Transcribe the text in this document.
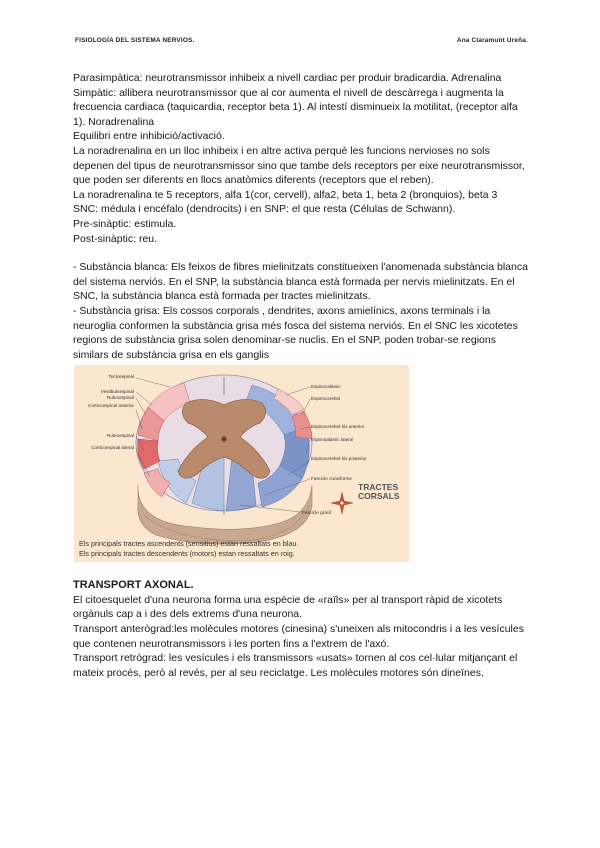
FISIOLOGÍA DEL SISTEMA NERVIOS.	Ana Claramunt Ureña.

Parasimpàtica: neurotransmissor inhibeix a nivell cardiac per produir bradicardia. Adrenalina

Simpàtic: allibera neurotransmissor que al cor aumenta el nivell de descàrrega i augmenta la frecuencia cardiaca (taquicardia, receptor beta 1). Al intestí disminueix la motilitat, (receptor alfa 1). Noradrenalina

Equilibri entre inhibició/activació.

La noradrenalina en un lloc inhibeix i en altre activa perquè les funcions nervioses no sols depenen del tipus de neurotransmissor sino que tambe dels receptors per eixe neurotransmissor, que poden ser diferents en llocs anatòmics diferents (receptors que el reben).

La noradrenalina te 5 receptors, alfa 1(cor, cervell), alfa2, beta 1, beta 2 (bronquios), beta 3

SNC: médula i encéfalo (dendrocits) i en SNP: el que resta (Células de Schwann).

Pre-sinàptic: estimula.

Post-sinàptic: reu.

- Substància blanca: Els feixos de fibres mielinitzats constitueixen l'anomenada substància blanca del sistema nerviós. En el SNP, la substància blanca està formada per nervis mielinitzats. En el SNC, la substància blanca està formada per tractes mielinitzats.

- Substància grisa: Els cossos corporals , dendrites, axons amielínics, axons terminals i la neuroglia conformen la substància grisa més fosca del sistema nerviós. En el SNC les xicotetes regions de substància grisa solen denominar-se nuclis. En el SNP, poden trobar-se regions similars de substància grisa en els ganglis

Tectoespinal
Vestibuloespinal
Rubroespinal
Corticoespinal anterior
Rubroespinal
Corticoespinal lateral
Espinocalàmic
Espinocerebel
Espinocerebel·lós anterior
Espinotalàmic lateral
Espinocerebel·lós posterior
Fascicle cuneiforme
Fascicle grácil
TRACTES
CORSALS
Els principals tractes ascendents (sensitius) estan ressaltats en blau.
Els principals tractes descendents (motors) estan ressaltats en roig.

TRANSPORT AXONAL.

El citoesquelet d'una neurona forma una espècie de «raïls» per al transport ràpid de xicotets orgànuls cap a i des dels extrems d'una neurona.

Transport anterògrad:les molècules motores (cinesina) s'uneixen als mitocondris i a les vesícules que contenen neurotransmissors i les porten fins a l'extrem de l'axó.

Transport retrògrad: les vesícules i els transmissors «usats» tornen al cos cel·lular mitjançant el mateix procés, però al revés, per al seu reciclatge. Les molècules motores són dineïnes.
